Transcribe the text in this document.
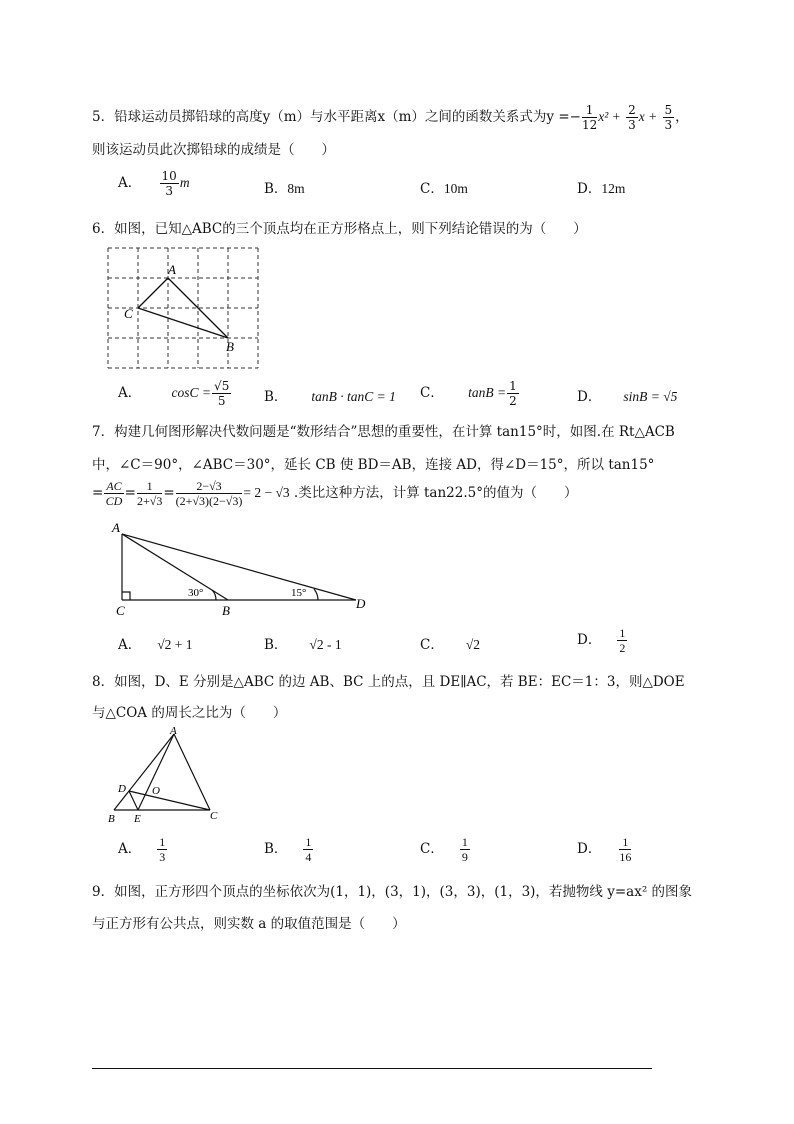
5．铅球运动员掷铅球的高度y（m）与水平距离x（m）之间的函数关系式为$y =- \frac{1}{12} x^2 + \frac{2}{3}$ $x + \frac{5}{3}$ ，
则该运动员此次掷铅球的成绩是（　　）
A． $\frac{10}{3}$ m	B．8m	C．10m	D．12m
6．如图，已知△ABC的三个顶点均在正方形格点上，则下列结论错误的为（　　）
A
C
B
A． $\cos C = \frac{√5}{5}$ B． tanB · tanC = 1 C． $\tan B = \frac{1}{2}$	D． sinB = √5
7．构建几何图形解决代数问题是“数形结合”思想的重要性，在计算 tan15°时，如图.在 Rt△ACB
中，∠C＝90°，∠ABC＝30°，延长 CB 使 BD＝AB，连接 AD，得∠D＝15°，所以 tan15°
= $\frac{AC}{CD} = \frac{1}{2+√3} = \frac{2-√3}{(2+√3)(2-√3)} = 2 - √3$ .类比这种方法，计算 tan22.5°的值为（　　）
A
C	B	D
30°	15°
A． √2 + 1	B． √2 - 1	C． √2	D． $\frac{1}{2}$
8．如图，D、E 分别是△ABC 的边 AB、BC 上的点，且 DE∥AC，若 BE：EC＝1：3，则△DOE
与△COA 的周长之比为（　　）
A
D O
B E	C
A． $\frac{1}{3}$	B． $\frac{1}{4}$	C． $\frac{1}{9}$	D． $\frac{1}{16}$
9．如图，正方形四个顶点的坐标依次为(1，1)，(3，1)，(3，3)，(1，3)，若抛物线 y=ax² 的图象
与正方形有公共点，则实数 a 的取值范围是（　　）
